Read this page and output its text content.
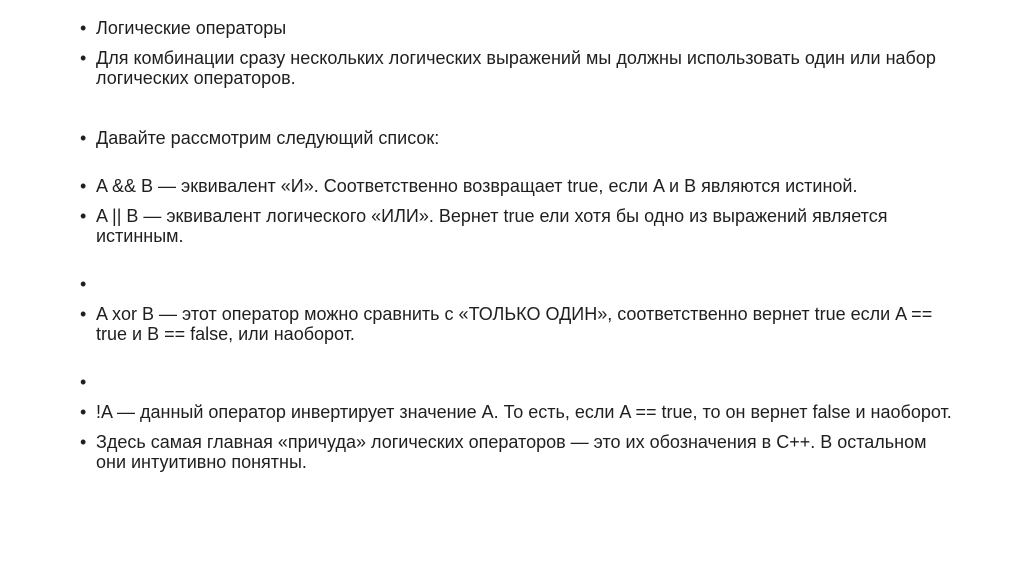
• Логические операторы
• Для комбинации сразу нескольких логических выражений мы должны использовать один или набор логических операторов.
• Давайте рассмотрим следующий список:
• A && B — эквивалент «И». Соответственно возвращает true, если A и B являются истиной.
• A || B — эквивалент логического «ИЛИ». Вернет true ели хотя бы одно из выражений является истинным.
•
• A xor B — этот оператор можно сравнить с «ТОЛЬКО ОДИН», соответственно вернет true если A == true и B == false, или наоборот.
•
• !A — данный оператор инвертирует значение A. То есть, если A == true, то он вернет false и наоборот.
• Здесь самая главная «причуда» логических операторов — это их обозначения в C++. В остальном они интуитивно понятны.
